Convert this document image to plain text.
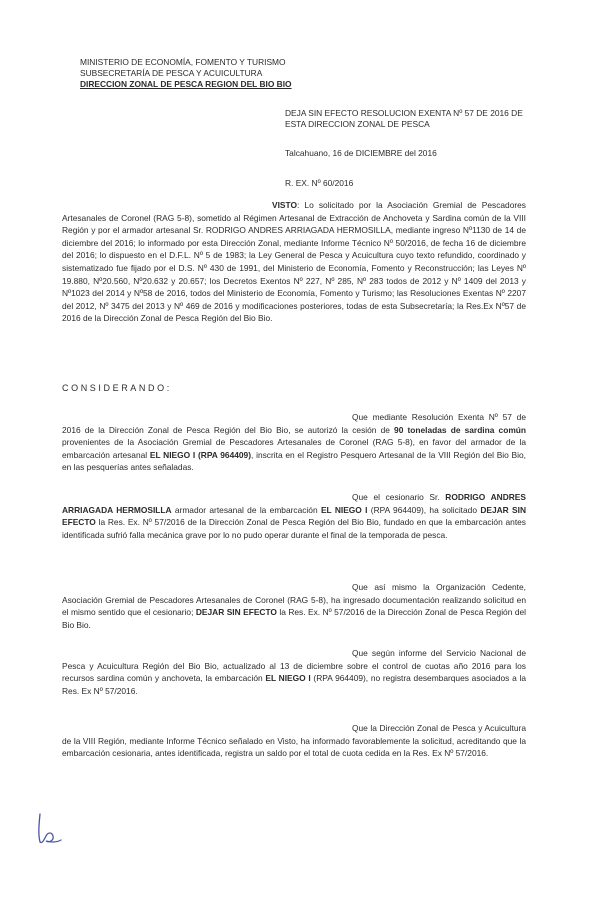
MINISTERIO DE ECONOMÍA, FOMENTO Y TURISMO
SUBSECRETARÍA DE PESCA Y ACUICULTURA
DIRECCION ZONAL DE PESCA REGION DEL BIO BIO
DEJA SIN EFECTO RESOLUCION EXENTA Nº 57 DE 2016 DE ESTA DIRECCION ZONAL DE PESCA
Talcahuano, 16 de DICIEMBRE del 2016
R. EX. Nº 60/2016
VISTO: Lo solicitado por la Asociación Gremial de Pescadores Artesanales de Coronel (RAG 5-8), sometido al Régimen Artesanal de Extracción de Anchoveta y Sardina común de la VIII Región y por el armador artesanal Sr. RODRIGO ANDRES ARRIAGADA HERMOSILLA, mediante ingreso Nº1130 de 14 de diciembre del 2016; lo informado por esta Dirección Zonal, mediante Informe Técnico Nº 50/2016, de fecha 16 de diciembre del 2016; lo dispuesto en el D.F.L. Nº 5 de 1983; la Ley General de Pesca y Acuicultura cuyo texto refundido, coordinado y sistematizado fue fijado por el D.S. Nº 430 de 1991, del Ministerio de Economía, Fomento y Reconstrucción; las Leyes Nº 19.880, Nº20.560, Nº20.632 y 20.657; los Decretos Exentos Nº 227, Nº 285, Nº 283 todos de 2012 y Nº 1409 del 2013 y Nº1023 del 2014 y Nº58 de 2016, todos del Ministerio de Economía, Fomento y Turismo; las Resoluciones Exentas Nº 2207 del 2012, Nº 3475 del 2013 y Nº 469 de 2016 y modificaciones posteriores, todas de esta Subsecretaría; la Res.Ex Nº57 de 2016 de la Dirección Zonal de Pesca Región del Bio Bio.
CONSIDERANDO:
Que mediante Resolución Exenta Nº 57 de 2016 de la Dirección Zonal de Pesca Región del Bio Bio, se autorizó la cesión de 90 toneladas de sardina común provenientes de la Asociación Gremial de Pescadores Artesanales de Coronel (RAG 5-8), en favor del armador de la embarcación artesanal EL NIEGO I (RPA 964409), inscrita en el Registro Pesquero Artesanal de la VIII Región del Bio Bio, en las pesquerías antes señaladas.
Que el cesionario Sr. RODRIGO ANDRES ARRIAGADA HERMOSILLA armador artesanal de la embarcación EL NIEGO I (RPA 964409), ha solicitado DEJAR SIN EFECTO la Res. Ex. Nº 57/2016 de la Dirección Zonal de Pesca Región del Bio Bio, fundado en que la embarcación antes identificada sufrió falla mecánica grave por lo no pudo operar durante el final de la temporada de pesca.
Que así mismo la Organización Cedente, Asociación Gremial de Pescadores Artesanales de Coronel (RAG 5-8), ha ingresado documentación realizando solicitud en el mismo sentido que el cesionario; DEJAR SIN EFECTO la Res. Ex. Nº 57/2016 de la Dirección Zonal de Pesca Región del Bio Bio.
Que según informe del Servicio Nacional de Pesca y Acuicultura Región del Bio Bio, actualizado al 13 de diciembre sobre el control de cuotas año 2016 para los recursos sardina común y anchoveta, la embarcación EL NIEGO I (RPA 964409), no registra desembarques asociados a la Res. Ex Nº 57/2016.
Que la Dirección Zonal de Pesca y Acuicultura de la VIII Región, mediante Informe Técnico señalado en Visto, ha informado favorablemente la solicitud, acreditando que la embarcación cesionaria, antes identificada, registra un saldo por el total de cuota cedida en la Res. Ex Nº 57/2016.
